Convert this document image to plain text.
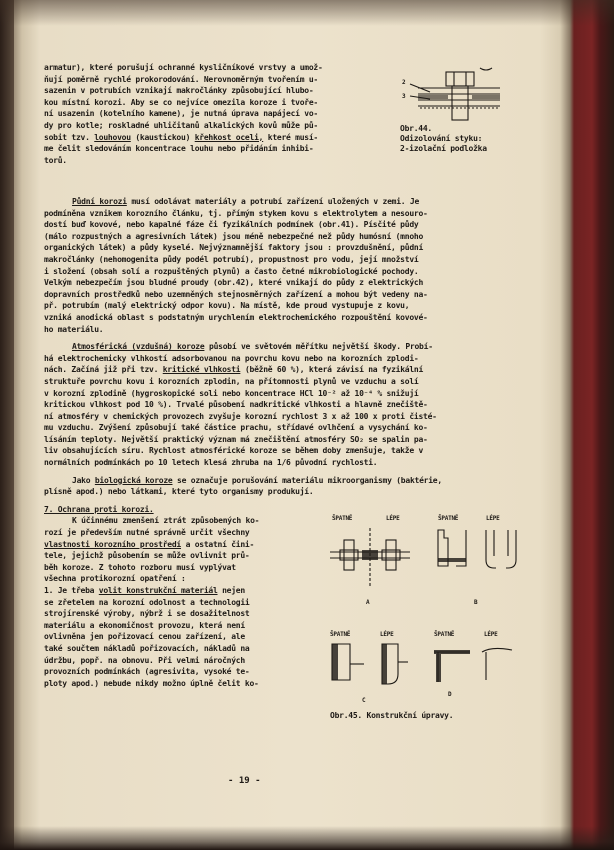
armatur), které porušují ochranné kysličníkové vrstvy a umož-
ňují poměrně rychlé prokorodování. Nerovnoměrným tvořením u-
sazenin v potrubích vznikají makročlánky způsobující hlubo-
kou místní korozi. Aby se co nejvíce omezila koroze i tvoře-
ní usazenin (kotelního kamene), je nutná úprava napájecí vo-
dy pro kotle; roskladné uhličitanů alkalických kovů může pů-
sobit tzv. louhovou (kaustickou) křehkost oceli, které musí-
me čelit sledováním koncentrace louhu nebo přidáním inhibi-
torů.
2
3
Obr.44.
Odizolování styku:
2-izolační podložka
Půdní korozi musí odolávat materiály a potrubí zařízení uložených v zemi. Je
podmíněna vznikem korozního článku, tj. přímým stykem kovu s elektrolytem a nesouro-
dostí buď kovové, nebo kapalné fáze či fyzikálních podmínek (obr.41). Písčité půdy
(málo rozpustných a agresivních látek) jsou méně nebezpečné než půdy humósní (mnoho
organických látek) a půdy kyselé. Nejvýznamnější faktory jsou : provzdušnění, půdní
makročlánky (nehomogenita půdy podél potrubí), propustnost pro vodu, její množství
i složení (obsah solí a rozpuštěných plynů) a často četné mikrobiologické pochody.
Velkým nebezpečím jsou bludné proudy (obr.42), které vnikají do půdy z elektrických
dopravních prostředků nebo uzemněných stejnosměrných zařízení a mohou být vedeny na-
př. potrubím (malý elektrický odpor kovu). Na místě, kde proud vystupuje z kovu,
vzniká anodická oblast s podstatným urychlením elektrochemického rozpouštění kovové-
ho materiálu.
Atmosférická (vzdušná) koroze působí ve světovém měřítku největší škody. Probí-
há elektrochemicky vlhkostí adsorbovanou na povrchu kovu nebo na korozních zplodi-
nách. Začíná již při tzv. kritické vlhkosti (běžně 60 %), která závisí na fyzikální
struktuře povrchu kovu i korozních zplodin, na přítomnosti plynů ve vzduchu a solí
v korozní zplodině (hygroskopické soli nebo koncentrace HCl 10⁻² až 10⁻⁴ % snižují
kritickou vlhkost pod 10 %). Trvalé působení nadkritické vlhkosti a hlavně znečiště-
ní atmosféry v chemických provozech zvyšuje korozní rychlost 3 x až 100 x proti čisté-
mu vzduchu. Zvýšení způsobují také částice prachu, střídavé ovlhčení a vysychání ko-
lísáním teploty. Největší praktický význam má znečištění atmosféry SO₂ se spalin pa-
liv obsahujících síru. Rychlost atmosférické koroze se během doby zmenšuje, takže v
normálních podmínkách po 10 letech klesá zhruba na 1/6 původní rychlosti.
Jako biologická koroze se označuje porušování materiálu mikroorganismy (baktérie,
plísně apod.) nebo látkami, které tyto organismy produkují.
7. Ochrana proti korozi.
K účinnému zmenšení ztrát způsobených ko-
rozí je především nutné správně určit všechny
vlastnosti korozního prostředí a ostatní čini-
tele, jejichž působením se může ovlivnit prů-
běh koroze. Z tohoto rozboru musí vyplývat
všechna protikorozní opatření :
1. Je třeba volit konstrukční materiál nejen
se zřetelem na korozní odolnost a technologii
strojírenské výroby, nýbrž i se dosažitelnost
materiálu a ekonomičnost provozu, která není
ovlivněna jen pořizovací cenou zařízení, ale
také součtem nákladů pořizovacích, nákladů na
údržbu, popř. na obnovu. Při velmi náročných
provozních podmínkách (agresivita, vysoké te-
ploty apod.) nebude nikdy možno úplně čelit ko-
ŠPATNĚ	LÉPE	ŠPATNĚ	LÉPE
A	B
ŠPATNĚ	LÉPE	ŠPATNĚ	LÉPE
C
D
Obr.45. Konstrukční úpravy.
- 19 -
